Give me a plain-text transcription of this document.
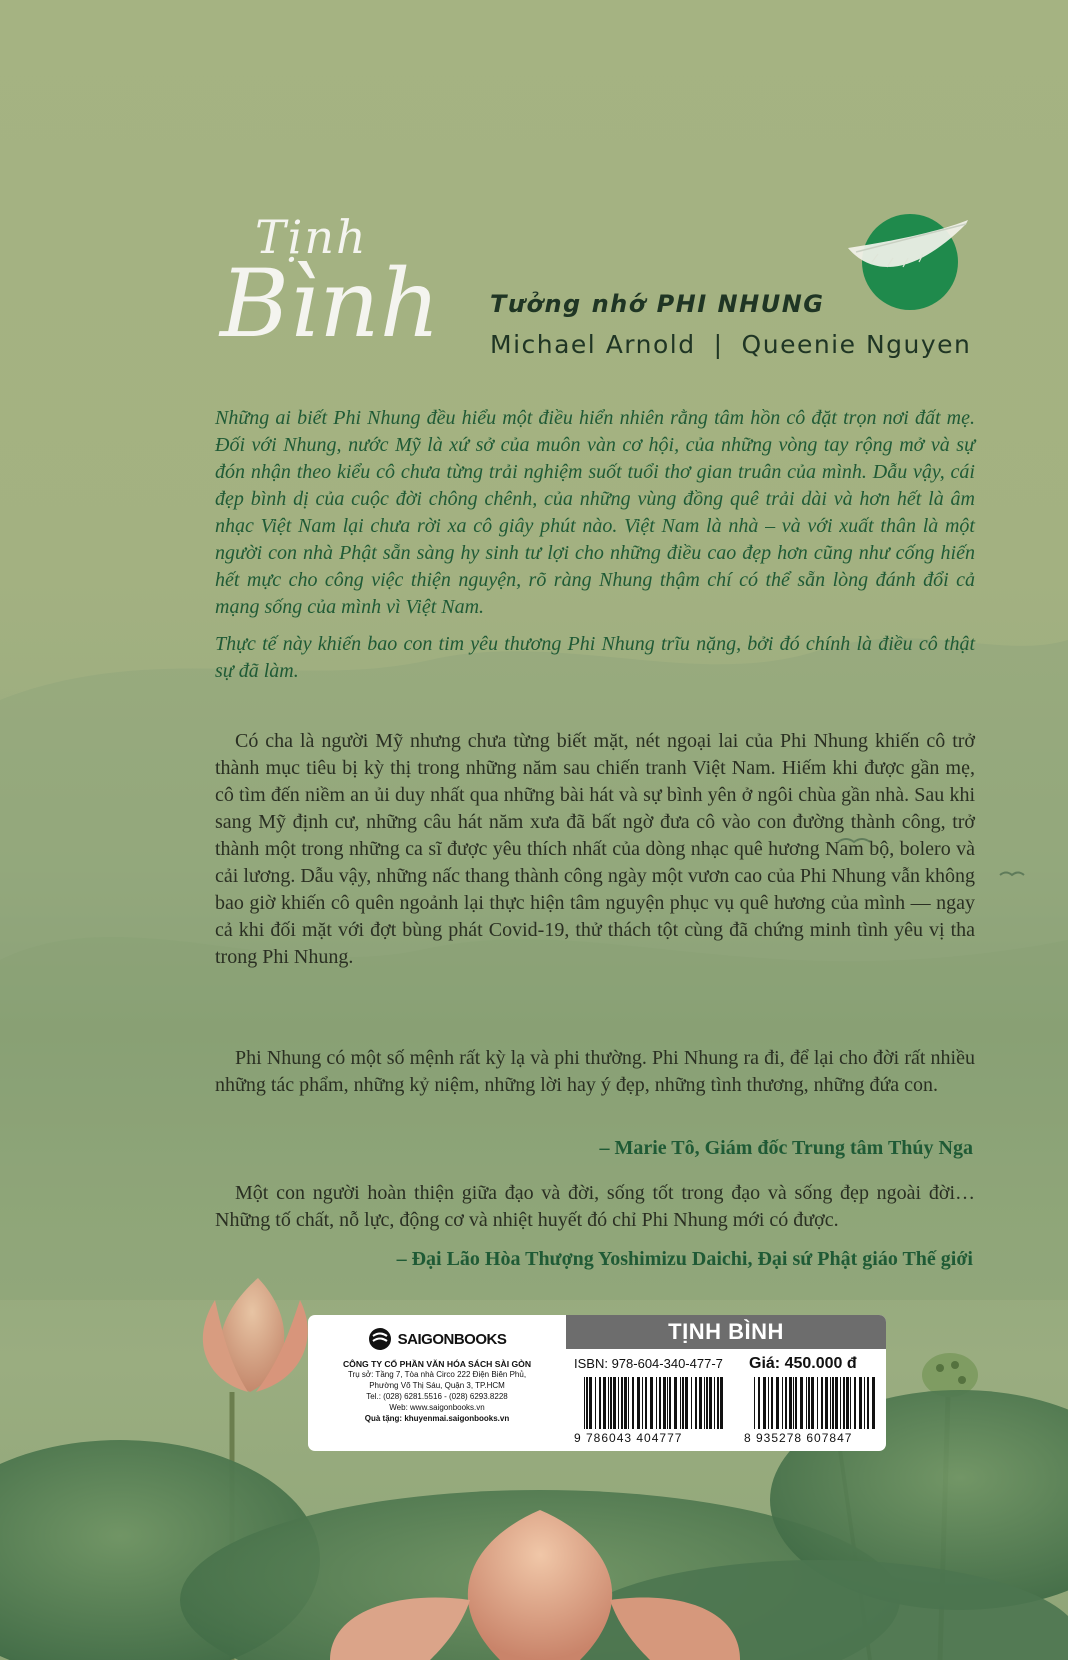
Tịnh
Bình Tưởng nhớ PHI NHUNG
Michael Arnold | Queenie Nguyen

Những ai biết Phi Nhung đều hiểu một điều hiển nhiên rằng tâm hồn cô đặt trọn nơi đất mẹ. Đối với Nhung, nước Mỹ là xứ sở của muôn vàn cơ hội, của những vòng tay rộng mở và sự đón nhận theo kiểu cô chưa từng trải nghiệm suốt tuổi thơ gian truân của mình. Dẫu vậy, cái đẹp bình dị của cuộc đời chông chênh, của những vùng đồng quê trải dài và hơn hết là âm nhạc Việt Nam lại chưa rời xa cô giây phút nào. Việt Nam là nhà – và với xuất thân là một người con nhà Phật sẵn sàng hy sinh tư lợi cho những điều cao đẹp hơn cũng như cống hiến hết mực cho công việc thiện nguyện, rõ ràng Nhung thậm chí có thể sẵn lòng đánh đổi cả mạng sống của mình vì Việt Nam.

Thực tế này khiến bao con tim yêu thương Phi Nhung trĩu nặng, bởi đó chính là điều cô thật sự đã làm.

Có cha là người Mỹ nhưng chưa từng biết mặt, nét ngoại lai của Phi Nhung khiến cô trở thành mục tiêu bị kỳ thị trong những năm sau chiến tranh Việt Nam. Hiếm khi được gần mẹ, cô tìm đến niềm an ủi duy nhất qua những bài hát và sự bình yên ở ngôi chùa gần nhà. Sau khi sang Mỹ định cư, những câu hát năm xưa đã bất ngờ đưa cô vào con đường thành công, trở thành một trong những ca sĩ được yêu thích nhất của dòng nhạc quê hương Nam bộ, bolero và cải lương. Dẫu vậy, những nấc thang thành công ngày một vươn cao của Phi Nhung vẫn không bao giờ khiến cô quên ngoảnh lại thực hiện tâm nguyện phục vụ quê hương của mình — ngay cả khi đối mặt với đợt bùng phát Covid-19, thử thách tột cùng đã chứng minh tình yêu vị tha trong Phi Nhung.

Phi Nhung có một số mệnh rất kỳ lạ và phi thường. Phi Nhung ra đi, để lại cho đời rất nhiều những tác phẩm, những kỷ niệm, những lời hay ý đẹp, những tình thương, những đứa con.

– Marie Tô, Giám đốc Trung tâm Thúy Nga

Một con người hoàn thiện giữa đạo và đời, sống tốt trong đạo và sống đẹp ngoài đời… Những tố chất, nỗ lực, động cơ và nhiệt huyết đó chỉ Phi Nhung mới có được.

– Đại Lão Hòa Thượng Yoshimizu Daichi, Đại sứ Phật giáo Thế giới
SAIGONBOOKS
CÔNG TY CỔ PHẦN VĂN HÓA SÁCH SÀI GÒN
Trụ sở: Tầng 7, Tòa nhà Circo 222 Điện Biên Phủ,
Phường Võ Thị Sáu, Quận 3, TP.HCM
Tel.: (028) 6281.5516 - (028) 6293.8228
Web: www.saigonbooks.vn
Quà tặng: khuyenmai.saigonbooks.vn
TỊNH BÌNH
ISBN: 978-604-340-477-7 Giá: 450.000 đ
9 786043 404777	8 935278 607847
